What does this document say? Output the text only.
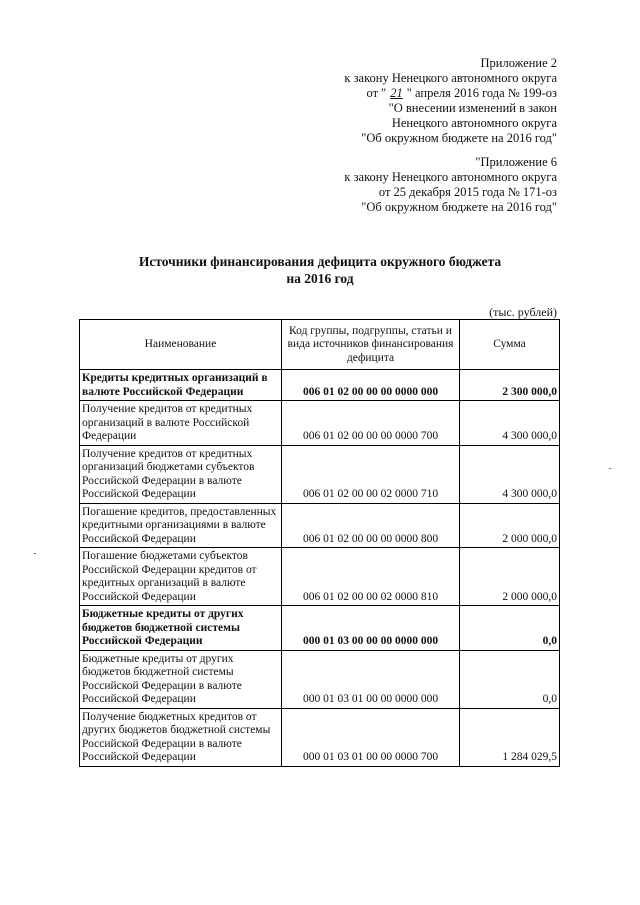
Приложение 2
к закону Ненецкого автономного округа
от " 21 " апреля 2016 года № 199-оз
"О внесении изменений в закон
Ненецкого автономного округа
"Об окружном бюджете на 2016 год"
"Приложение 6
к закону Ненецкого автономного округа
от 25 декабря 2015 года № 171-оз
"Об окружном бюджете на 2016 год"
Источники финансирования дефицита окружного бюджета
на 2016 год
(тыс. рублей)
Наименование	Код группы, подгруппы, статьи и вида источников финансирования дефицита	Сумма
Кредиты кредитных организаций в валюте Российской Федерации	006 01 02 00 00 00 0000 000	2 300 000,0
Получение кредитов от кредитных организаций в валюте Российской Федерации	006 01 02 00 00 00 0000 700	4 300 000,0
Получение кредитов от кредитных организаций бюджетами субъектов Российской Федерации в валюте Российской Федерации	006 01 02 00 00 02 0000 710	4 300 000,0
Погашение кредитов, предоставленных кредитными организациями в валюте Российской Федерации	006 01 02 00 00 00 0000 800	2 000 000,0
Погашение бюджетами субъектов Российской Федерации кредитов от кредитных организаций в валюте Российской Федерации	006 01 02 00 00 02 0000 810	2 000 000,0
Бюджетные кредиты от других бюджетов бюджетной системы Российской Федерации	000 01 03 00 00 00 0000 000	0,0
Бюджетные кредиты от других бюджетов бюджетной системы Российской Федерации в валюте Российской Федерации	000 01 03 01 00 00 0000 000	0,0
Получение бюджетных кредитов от других бюджетов бюджетной системы Российской Федерации в валюте Российской Федерации	000 01 03 01 00 00 0000 700	1 284 029,5
